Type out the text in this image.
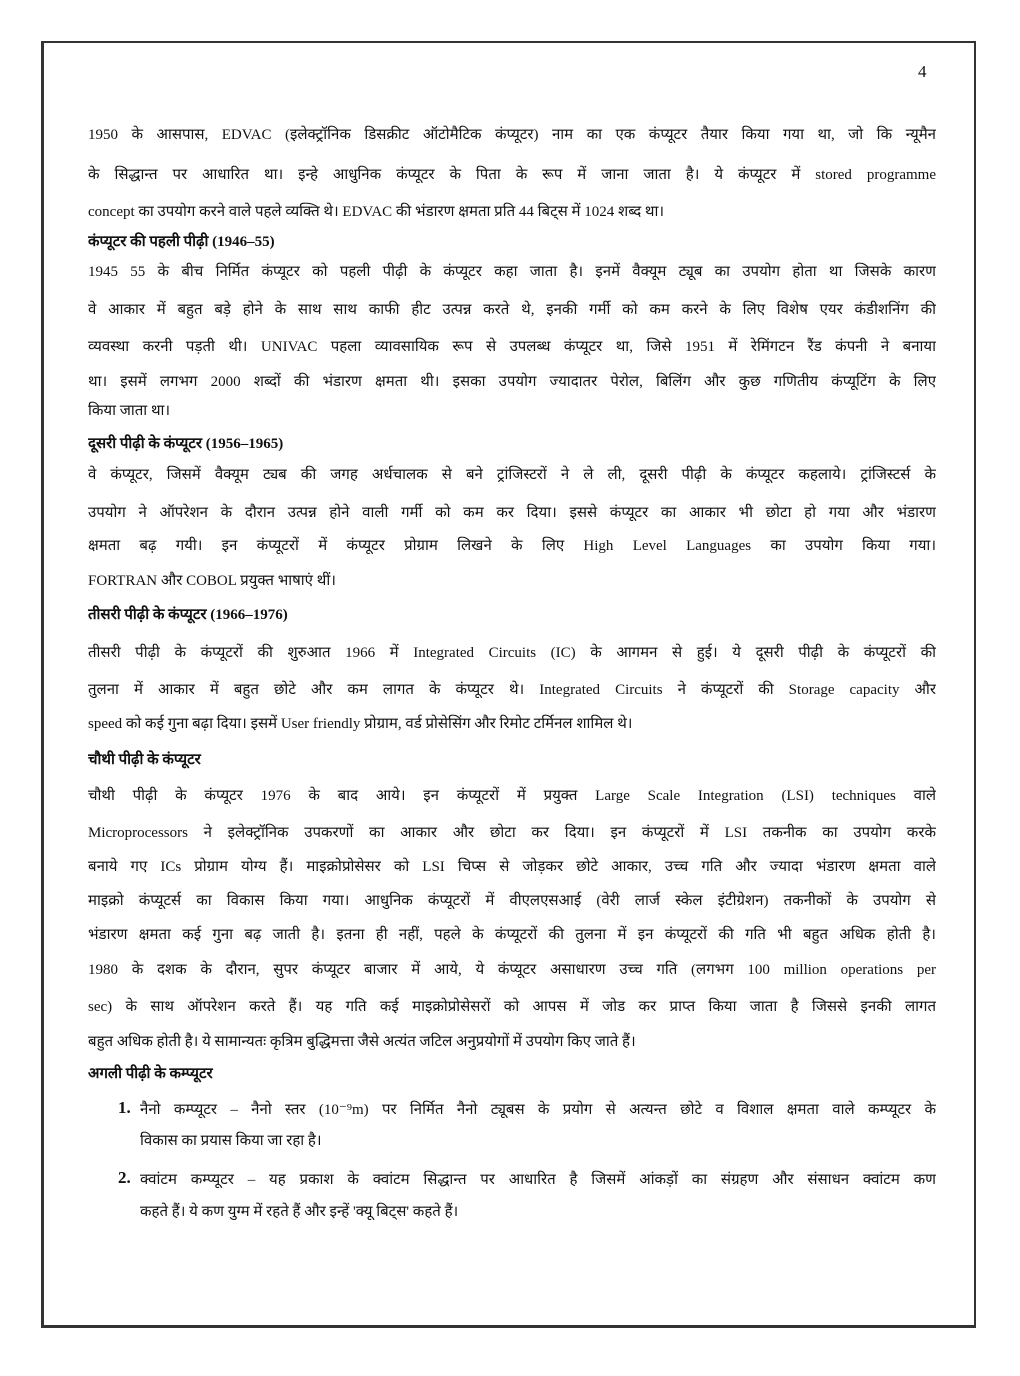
4
1950 के आसपास, EDVAC (इलेक्ट्रॉनिक डिसक्रीट ऑटोमैटिक कंप्यूटर) नाम का एक कंप्यूटर तैयार किया गया था, जो कि न्यूमैन
के सिद्धान्त पर आधारित था। इन्हे आधुनिक कंप्यूटर के पिता के रूप में जाना जाता है। ये कंप्यूटर में stored programme
concept का उपयोग करने वाले पहले व्यक्ति थे। EDVAC की भंडारण क्षमता प्रति 44 बिट्स में 1024 शब्द था।
कंप्यूटर की पहली पीढ़ी (1946–55)
1945 55 के बीच निर्मित कंप्यूटर को पहली पीढ़ी के कंप्यूटर कहा जाता है। इनमें वैक्यूम ट्यूब का उपयोग होता था जिसके कारण
वे आकार में बहुत बड़े होने के साथ साथ काफी हीट उत्पन्न करते थे, इनकी गर्मी को कम करने के लिए विशेष एयर कंडीशनिंग की
व्यवस्था करनी पड़ती थी। UNIVAC पहला व्यावसायिक रूप से उपलब्ध कंप्यूटर था, जिसे 1951 में रेमिंगटन रैंड कंपनी ने बनाया
था। इसमें लगभग 2000 शब्दों की भंडारण क्षमता थी। इसका उपयोग ज्यादातर पेरोल, बिलिंग और कुछ गणितीय कंप्यूटिंग के लिए
किया जाता था।
दूसरी पीढ़ी के कंप्यूटर (1956–1965)
वे कंप्यूटर, जिसमें वैक्यूम ट्यब की जगह अर्धचालक से बने ट्रांजिस्टरों ने ले ली, दूसरी पीढ़ी के कंप्यूटर कहलाये। ट्रांजिस्टर्स के
उपयोग ने ऑपरेशन के दौरान उत्पन्न होने वाली गर्मी को कम कर दिया। इससे कंप्यूटर का आकार भी छोटा हो गया और भंडारण
क्षमता बढ़ गयी। इन कंप्यूटरों में कंप्यूटर प्रोग्राम लिखने के लिए High Level Languages का उपयोग किया गया।
FORTRAN और COBOL प्रयुक्त भाषाएं थीं।
तीसरी पीढ़ी के कंप्यूटर (1966–1976)
तीसरी पीढ़ी के कंप्यूटरों की शुरुआत 1966 में Integrated Circuits (IC) के आगमन से हुई। ये दूसरी पीढ़ी के कंप्यूटरों की
तुलना में आकार में बहुत छोटे और कम लागत के कंप्यूटर थे। Integrated Circuits ने कंप्यूटरों की Storage capacity और
speed को कई गुना बढ़ा दिया। इसमें User friendly प्रोग्राम, वर्ड प्रोसेसिंग और रिमोट टर्मिनल शामिल थे।
चौथी पीढ़ी के कंप्यूटर
चौथी पीढ़ी के कंप्यूटर 1976 के बाद आये। इन कंप्यूटरों में प्रयुक्त Large Scale Integration (LSI) techniques वाले
Microprocessors ने इलेक्ट्रॉनिक उपकरणों का आकार और छोटा कर दिया। इन कंप्यूटरों में LSI तकनीक का उपयोग करके
बनाये गए ICs प्रोग्राम योग्य हैं। माइक्रोप्रोसेसर को LSI चिप्स से जोड़कर छोटे आकार, उच्च गति और ज्यादा भंडारण क्षमता वाले
माइक्रो कंप्यूटर्स का विकास किया गया। आधुनिक कंप्यूटरों में वीएलएसआई (वेरी लार्ज स्केल इंटीग्रेशन) तकनीकों के उपयोग से
भंडारण क्षमता कई गुना बढ़ जाती है। इतना ही नहीं, पहले के कंप्यूटरों की तुलना में इन कंप्यूटरों की गति भी बहुत अधिक होती है।
1980 के दशक के दौरान, सुपर कंप्यूटर बाजार में आये, ये कंप्यूटर असाधारण उच्च गति (लगभग 100 million operations per
sec) के साथ ऑपरेशन करते हैं। यह गति कई माइक्रोप्रोसेसरों को आपस में जोड कर प्राप्त किया जाता है जिससे इनकी लागत
बहुत अधिक होती है। ये सामान्यतः कृत्रिम बुद्धिमत्ता जैसे अत्यंत जटिल अनुप्रयोगों में उपयोग किए जाते हैं।
अगली पीढ़ी के कम्प्यूटर
1. नैनो कम्प्यूटर – नैनो स्तर (10⁻⁹m) पर निर्मित नैनो ट्यूबस के प्रयोग से अत्यन्त छोटे व विशाल क्षमता वाले कम्प्यूटर के
विकास का प्रयास किया जा रहा है।
2. क्वांटम कम्प्यूटर – यह प्रकाश के क्वांटम सिद्धान्त पर आधारित है जिसमें आंकड़ों का संग्रहण और संसाधन क्वांटम कण
कहते हैं। ये कण युग्म में रहते हैं और इन्हें 'क्यू बिट्स' कहते हैं।
